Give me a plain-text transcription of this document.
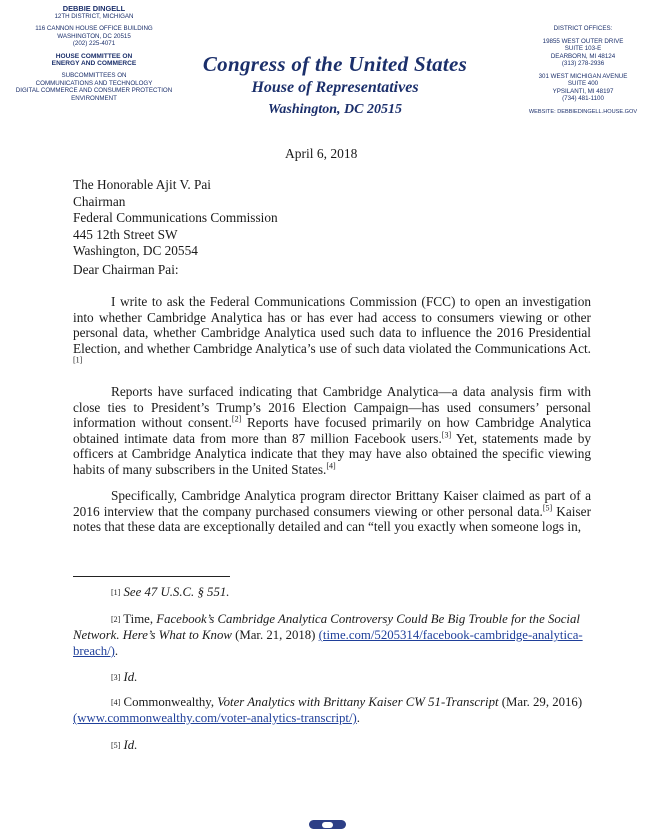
DEBBIE DINGELL
12TH DISTRICT, MICHIGAN
116 CANNON HOUSE OFFICE BUILDING
WASHINGTON, DC 20515
(202) 225-4071
HOUSE COMMITTEE ON
ENERGY AND COMMERCE
SUBCOMMITTEES ON
COMMUNICATIONS AND TECHNOLOGY
DIGITAL COMMERCE AND CONSUMER PROTECTION
ENVIRONMENT
Congress of the United States
House of Representatives
Washington, DC 20515
DISTRICT OFFICES:
19855 WEST OUTER DRIVE
SUITE 103-E
DEARBORN, MI 48124
(313) 278-2936
301 WEST MICHIGAN AVENUE
SUITE 400
YPSILANTI, MI 48197
(734) 481-1100
WEBSITE: DEBBIEDINGELL.HOUSE.GOV
April 6, 2018
The Honorable Ajit V. Pai
Chairman
Federal Communications Commission
445 12th Street SW
Washington, DC 20554
Dear Chairman Pai:

I write to ask the Federal Communications Commission (FCC) to open an investigation into whether Cambridge Analytica has or has ever had access to consumers viewing or other personal data, whether Cambridge Analytica used such data to influence the 2016 Presidential Election, and whether Cambridge Analytica’s use of such data violated the Communications Act.[1]

Reports have surfaced indicating that Cambridge Analytica—a data analysis firm with close ties to President’s Trump’s 2016 Election Campaign—has used consumers’ personal information without consent.[2] Reports have focused primarily on how Cambridge Analytica obtained intimate data from more than 87 million Facebook users.[3] Yet, statements made by officers at Cambridge Analytica indicate that they may have also obtained the specific viewing habits of many subscribers in the United States.[4]

Specifically, Cambridge Analytica program director Brittany Kaiser claimed as part of a 2016 interview that the company purchased consumers viewing or other personal data.[5] Kaiser notes that these data are exceptionally detailed and can “tell you exactly when someone logs in,

[1] See 47 U.S.C. § 551.
[2] Time, Facebook’s Cambridge Analytica Controversy Could Be Big Trouble for the Social Network. Here’s What to Know (Mar. 21, 2018) (time.com/5205314/facebook-cambridge-analytica-breach/).
[3] Id.
[4] Commonwealthy, Voter Analytics with Brittany Kaiser CW 51-Transcript (Mar. 29, 2016) (www.commonwealthy.com/voter-analytics-transcript/).
[5] Id.
